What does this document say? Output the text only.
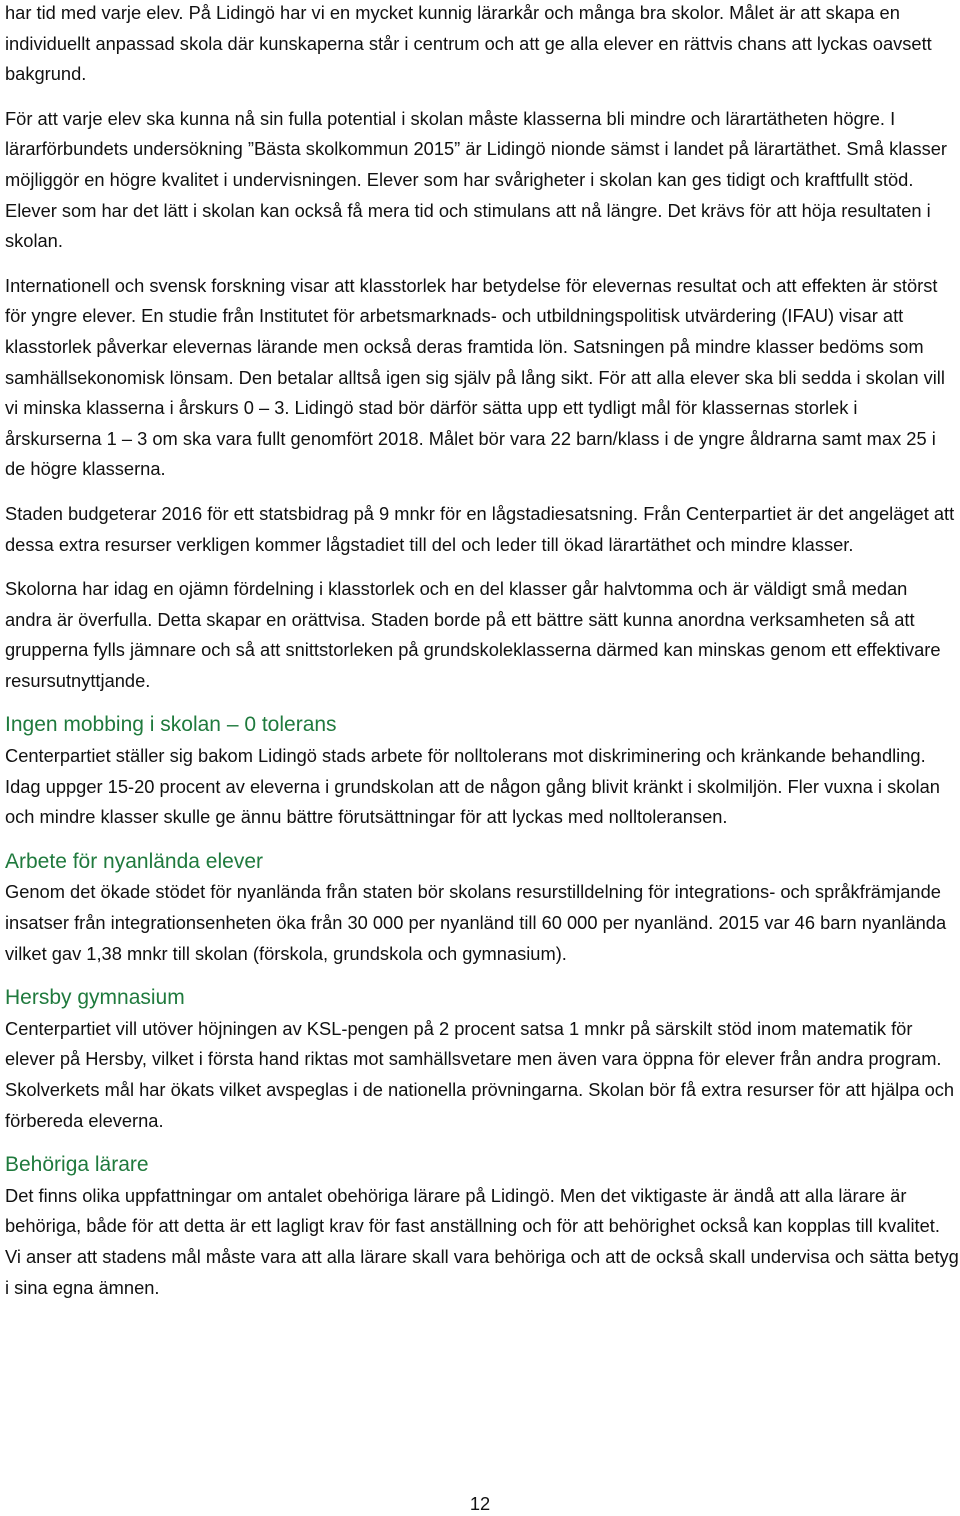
har tid med varje elev. På Lidingö har vi en mycket kunnig lärarkår och många bra skolor. Målet är att skapa en individuellt anpassad skola där kunskaperna står i centrum och att ge alla elever en rättvis chans att lyckas oavsett bakgrund.

För att varje elev ska kunna nå sin fulla potential i skolan måste klasserna bli mindre och lärartätheten högre. I lärarförbundets undersökning ”Bästa skolkommun 2015” är Lidingö nionde sämst i landet på lärartäthet. Små klasser möjliggör en högre kvalitet i undervisningen. Elever som har svårigheter i skolan kan ges tidigt och kraftfullt stöd. Elever som har det lätt i skolan kan också få mera tid och stimulans att nå längre. Det krävs för att höja resultaten i skolan.

Internationell och svensk forskning visar att klasstorlek har betydelse för elevernas resultat och att effekten är störst för yngre elever. En studie från Institutet för arbetsmarknads- och utbildningspolitisk utvärdering (IFAU) visar att klasstorlek påverkar elevernas lärande men också deras framtida lön. Satsningen på mindre klasser bedöms som samhällsekonomisk lönsam. Den betalar alltså igen sig själv på lång sikt. För att alla elever ska bli sedda i skolan vill vi minska klasserna i årskurs 0 – 3. Lidingö stad bör därför sätta upp ett tydligt mål för klassernas storlek i årskurserna 1 – 3 om ska vara fullt genomfört 2018. Målet bör vara 22 barn/klass i de yngre åldrarna samt max 25 i de högre klasserna.

Staden budgeterar 2016 för ett statsbidrag på 9 mnkr för en lågstadiesatsning. Från Centerpartiet är det angeläget att dessa extra resurser verkligen kommer lågstadiet till del och leder till ökad lärartäthet och mindre klasser.

Skolorna har idag en ojämn fördelning i klasstorlek och en del klasser går halvtomma och är väldigt små medan andra är överfulla. Detta skapar en orättvisa. Staden borde på ett bättre sätt kunna anordna verksamheten så att grupperna fylls jämnare och så att snittstorleken på grundskoleklasserna därmed kan minskas genom ett effektivare resursutnyttjande.

Ingen mobbing i skolan – 0 tolerans

Centerpartiet ställer sig bakom Lidingö stads arbete för nolltolerans mot diskriminering och kränkande behandling. Idag uppger 15-20 procent av eleverna i grundskolan att de någon gång blivit kränkt i skolmiljön. Fler vuxna i skolan och mindre klasser skulle ge ännu bättre förutsättningar för att lyckas med nolltoleransen.

Arbete för nyanlända elever

Genom det ökade stödet för nyanlända från staten bör skolans resurstilldelning för integrations- och språkfrämjande insatser från integrationsenheten öka från 30 000 per nyanländ till 60 000 per nyanländ. 2015 var 46 barn nyanlända vilket gav 1,38 mnkr till skolan (förskola, grundskola och gymnasium).

Hersby gymnasium

Centerpartiet vill utöver höjningen av KSL-pengen på 2 procent satsa 1 mnkr på särskilt stöd inom matematik för elever på Hersby, vilket i första hand riktas mot samhällsvetare men även vara öppna för elever från andra program. Skolverkets mål har ökats vilket avspeglas i de nationella prövningarna. Skolan bör få extra resurser för att hjälpa och förbereda eleverna.

Behöriga lärare

Det finns olika uppfattningar om antalet obehöriga lärare på Lidingö. Men det viktigaste är ändå att alla lärare är behöriga, både för att detta är ett lagligt krav för fast anställning och för att behörighet också kan kopplas till kvalitet. Vi anser att stadens mål måste vara att alla lärare skall vara behöriga och att de också skall undervisa och sätta betyg i sina egna ämnen.

12
